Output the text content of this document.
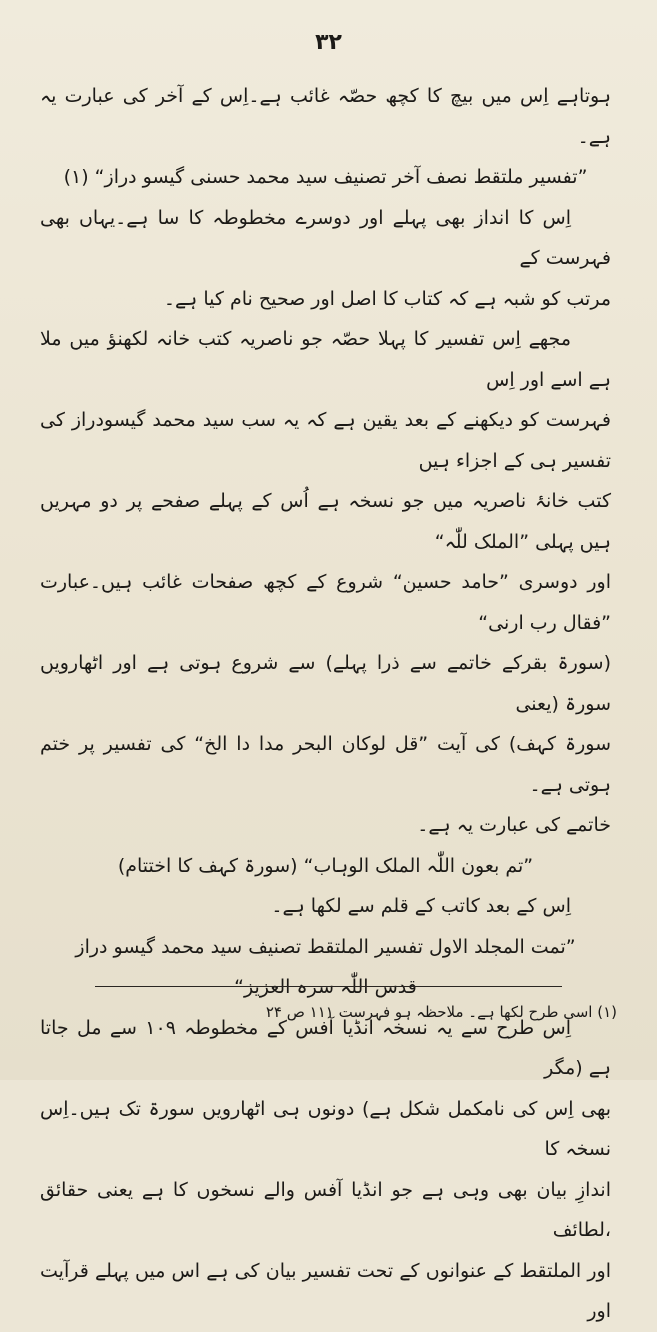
۳۲

ہوتاہے اِس میں بیچ کا کچھ حصّہ غائب ہے۔اِس کے آخر کی عبارت یہ ہے۔

”تفسیر ملتقط نصف آخر تصنیف سید محمد حسنی گیسو دراز“ (۱)

اِس کا انداز بھی پہلے اور دوسرے مخطوطہ کا سا ہے۔یہاں بھی فہرست کے

مرتب کو شبہ ہے کہ کتاب کا اصل اور صحیح نام کیا ہے۔

مجھے اِس تفسیر کا پہلا حصّہ جو ناصریہ کتب خانہ لکھنؤ میں ملا ہے اسے اور اِس

فہرست کو دیکھنے کے بعد یقین ہے کہ یہ سب سید محمد گیسودراز کی تفسیر ہی کے اجزاء ہیں

کتب خانۂ ناصریہ میں جو نسخہ ہے اُس کے پہلے صفحے پر دو مہریں ہیں پہلی ”الملک للّٰہ“

اور دوسری ”حامد حسین“ شروع کے کچھ صفحات غائب ہیں۔عبارت ”فقال رب ارنی“

(سورۃ بقرکے خاتمے سے ذرا پہلے) سے شروع ہوتی ہے اور اٹھارویں سورۃ (یعنی

سورۃ کہف) کی آیت ”قل لوکان البحر مدا دا الخ“ کی تفسیر پر ختم ہوتی ہے۔

خاتمے کی عبارت یہ ہے۔

”تم بعون اللّٰہ الملک الوہاب“ (سورۃ کہف کا اختتام)

اِس کے بعد کاتب کے قلم سے لکھا ہے۔

”تمت المجلد الاول تفسیر الملتقط تصنیف سید محمد گیسو دراز

قدس اللّٰہ سرہ العزیز“

اِس طرح سے یہ نسخہ انڈیا آفس کے مخطوطہ ۱۰۹ سے مل جاتا ہے (مگر

بھی اِس کی نامکمل شکل ہے) دونوں ہی اٹھارویں سورۃ تک ہیں۔اِس نسخہ کا

اندازِ بیان بھی وہی ہے جو انڈیا آفس والے نسخوں کا ہے یعنی حقائق ،لطائف

اور الملتقط کے عنوانوں کے تحت تفسیر بیان کی ہے اس میں پہلے قرآیت اور

(۱) اسی طرح لکھا ہے۔ ملاحظہ ہو فہرست ۱۱۱ ص ۲۴
